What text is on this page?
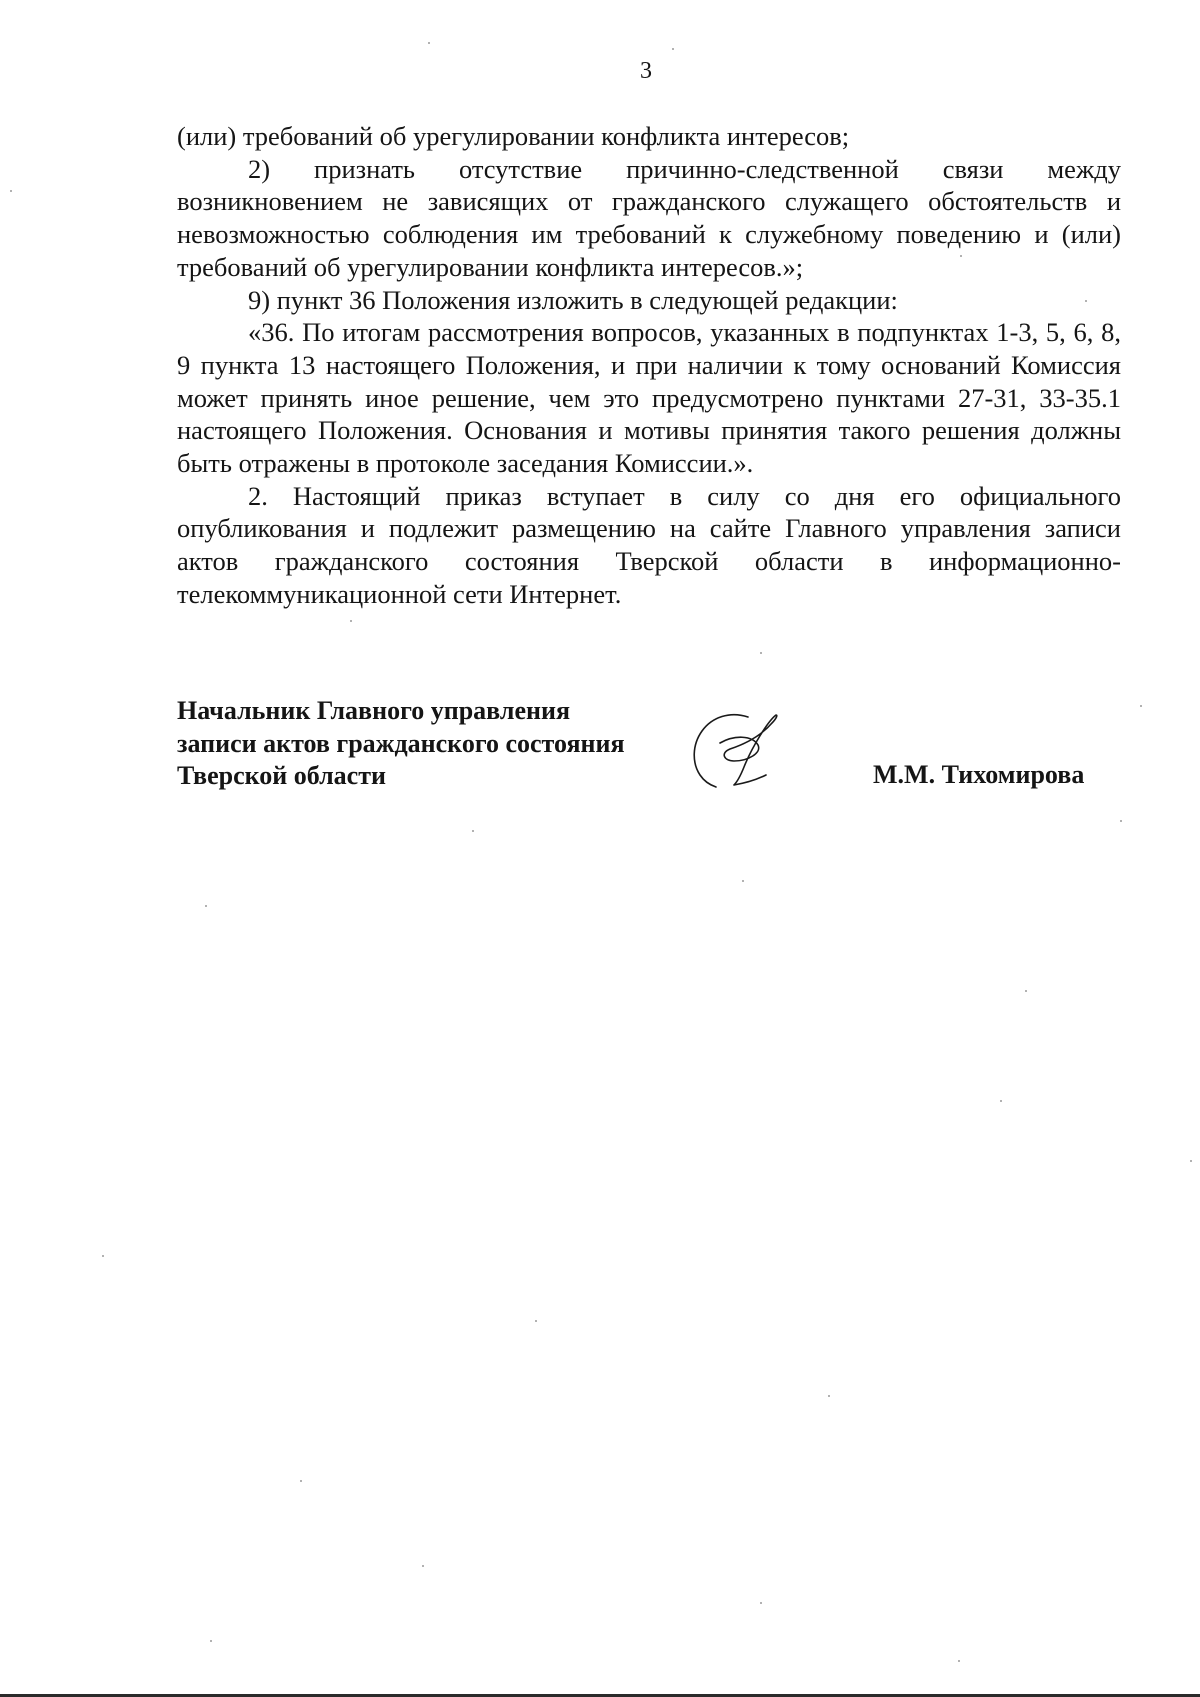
3

(или) требований об урегулировании конфликта интересов;

2) признать отсутствие причинно-следственной связи между возникновением не зависящих от гражданского служащего обстоятельств и невозможностью соблюдения им требований к служебному поведению и (или) требований об урегулировании конфликта интересов.»;

9) пункт 36 Положения изложить в следующей редакции:

«36. По итогам рассмотрения вопросов, указанных в подпунктах 1-3, 5, 6, 8, 9 пункта 13 настоящего Положения, и при наличии к тому оснований Комиссия может принять иное решение, чем это предусмотрено пунктами 27-31, 33-35.1 настоящего Положения. Основания и мотивы принятия такого решения должны быть отражены в протоколе заседания Комиссии.».

2. Настоящий приказ вступает в силу со дня его официального опубликования и подлежит размещению на сайте Главного управления записи актов гражданского состояния Тверской области в информационно-телекоммуникационной сети Интернет.

Начальник Главного управления
записи актов гражданского состояния
Тверской области	М.М. Тихомирова
